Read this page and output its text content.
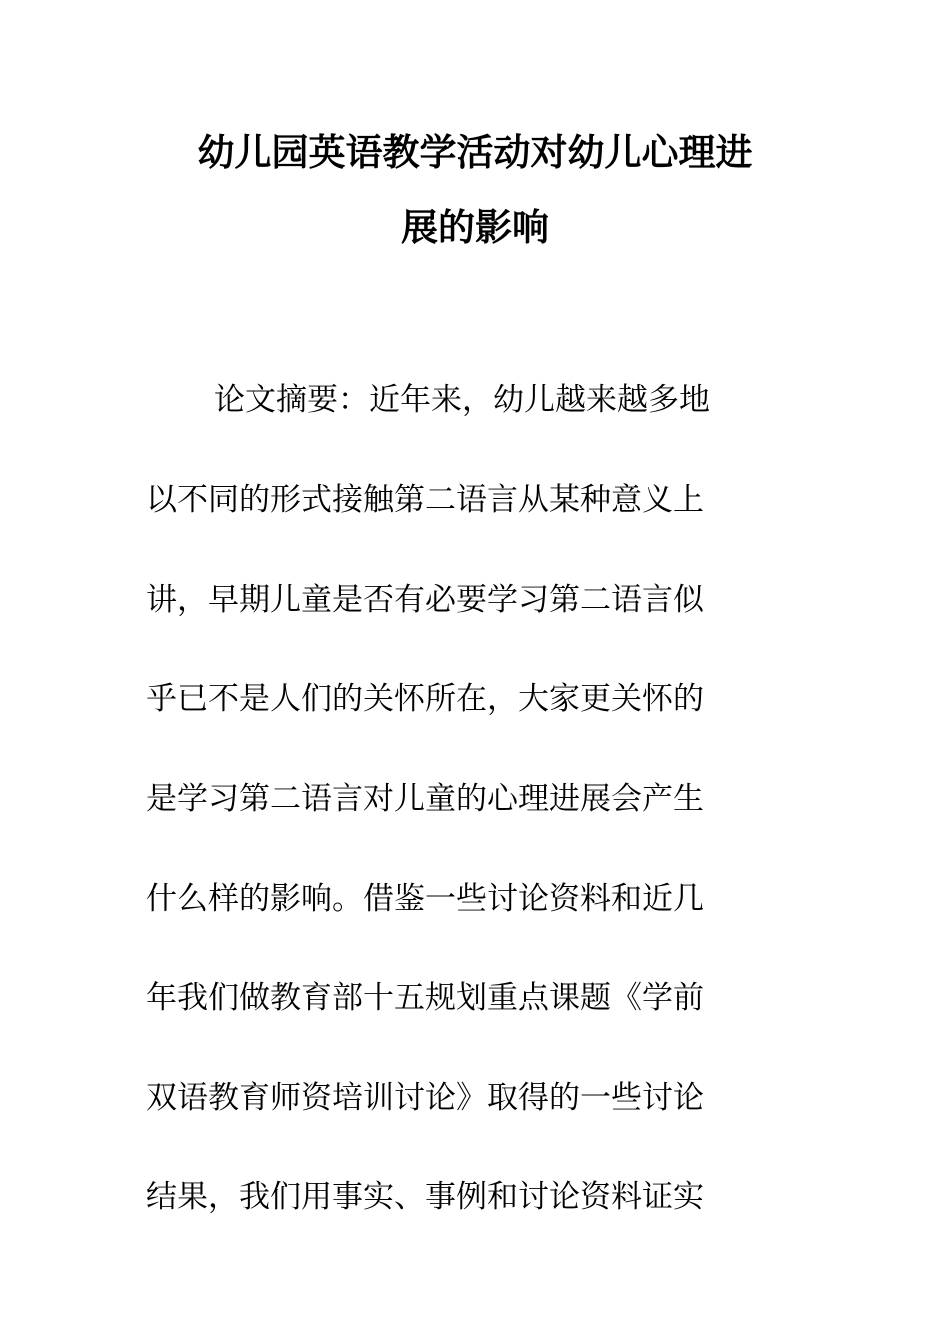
幼儿园英语教学活动对幼儿心理进
展的影响
论文摘要：近年来，幼儿越来越多地
以不同的形式接触第二语言从某种意义上
讲，早期儿童是否有必要学习第二语言似
乎已不是人们的关怀所在，大家更关怀的
是学习第二语言对儿童的心理进展会产生
什么样的影响。借鉴一些讨论资料和近几
年我们做教育部十五规划重点课题《学前
双语教育师资培训讨论》取得的一些讨论
结果，我们用事实、事例和讨论资料证实
